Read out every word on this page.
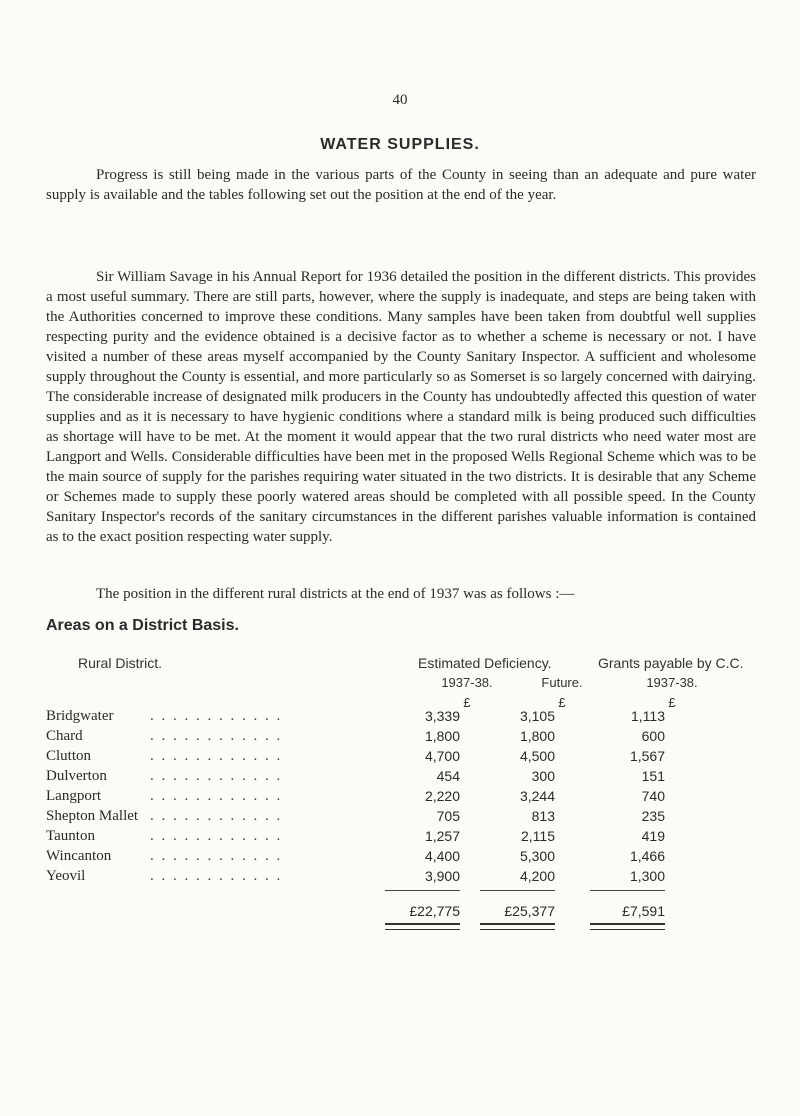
40
WATER SUPPLIES.

Progress is still being made in the various parts of the County in seeing than an adequate and pure water supply is available and the tables following set out the position at the end of the year.

Sir William Savage in his Annual Report for 1936 detailed the position in the different districts. This provides a most useful summary. There are still parts, however, where the supply is inadequate, and steps are being taken with the Authorities concerned to improve these conditions. Many samples have been taken from doubtful well supplies respecting purity and the evidence obtained is a decisive factor as to whether a scheme is necessary or not. I have visited a number of these areas myself accompanied by the County Sanitary Inspector. A sufficient and wholesome supply throughout the County is essential, and more particularly so as Somerset is so largely concerned with dairying. The considerable increase of designated milk producers in the County has undoubtedly affected this question of water supplies and as it is necessary to have hygienic conditions where a standard milk is being produced such difficulties as shortage will have to be met. At the moment it would appear that the two rural districts who need water most are Langport and Wells. Considerable difficulties have been met in the proposed Wells Regional Scheme which was to be the main source of supply for the parishes requiring water situated in the two districts. It is desirable that any Scheme or Schemes made to supply these poorly watered areas should be completed with all possible speed. In the County Sanitary Inspector's records of the sanitary circumstances in the different parishes valuable information is contained as to the exact position respecting water supply.

The position in the different rural districts at the end of 1937 was as follows :—

Areas on a District Basis.
Rural District.	Estimated Deficiency.	Grants payable by C.C.
1937-38.	Future.	1937-38.
£	£	£
Bridgwater . . . . . . . . . . . .	3,339	3,105	1,113
Chard	. . . . . . . . . . . .	1,800	1,800	600
Clutton	. . . . . . . . . . . .	4,700	4,500	1,567
Dulverton	. . . . . . . . . . . .	454	300	151
Langport	. . . . . . . . . . . .	2,220	3,244	740
Shepton Mallet . . . . . . . . . . . .	705	813	235
Taunton	. . . . . . . . . . . .	1,257	2,115	419
Wincanton	. . . . . . . . . . . .	4,400	5,300	1,466
Yeovil	. . . . . . . . . . . .	3,900	4,200	1,300
£22,775	£25,377	£7,591
